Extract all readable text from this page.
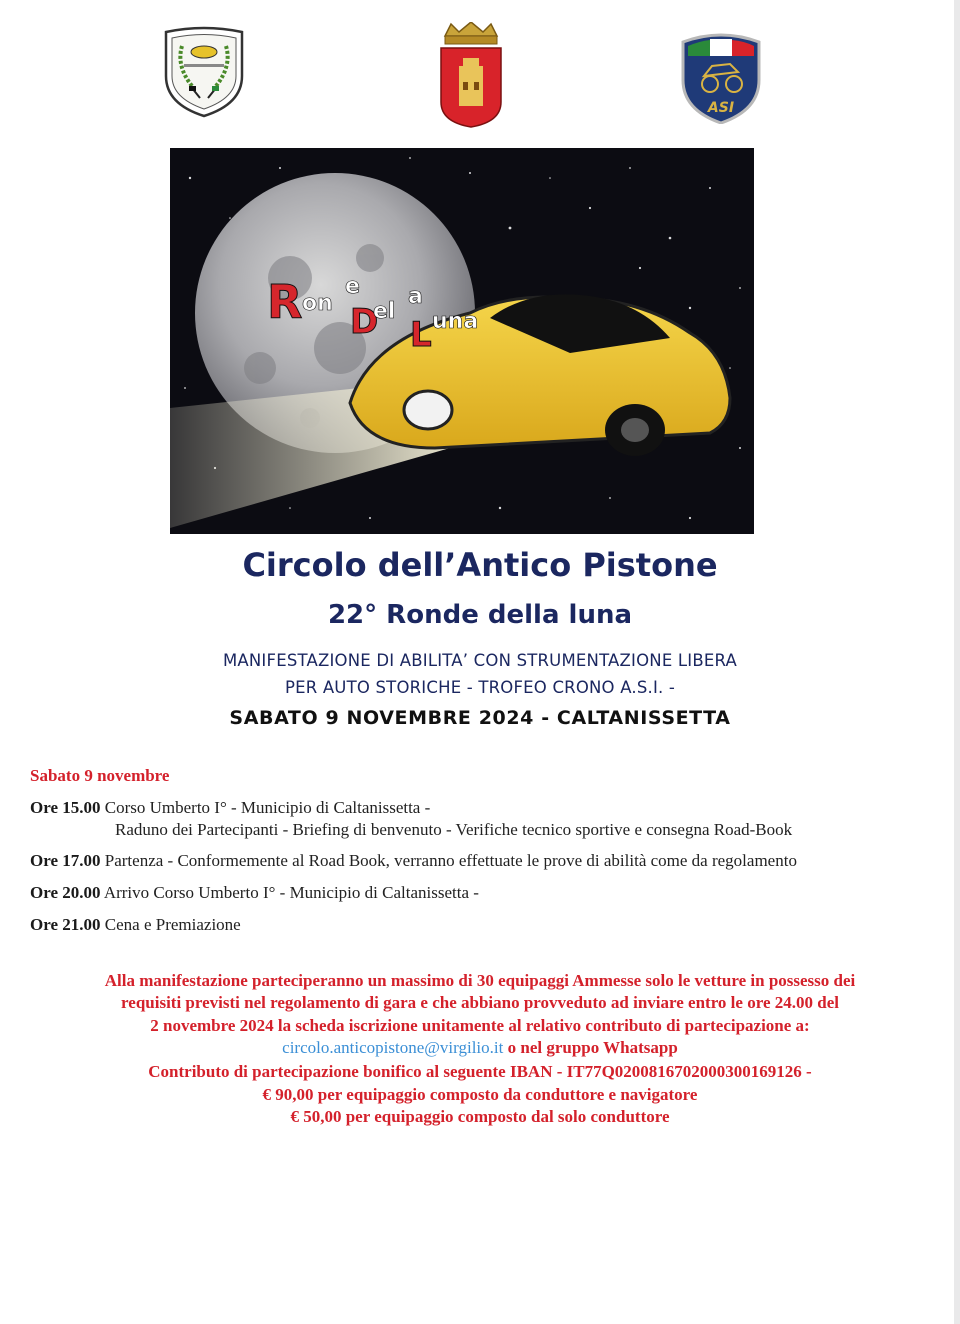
ASI
R on D
e
el
L
a
una
Circolo dell’Antico Pistone
22° Ronde della luna
MANIFESTAZIONE DI ABILITA’ CON STRUMENTAZIONE LIBERA
PER AUTO STORICHE - TROFEO CRONO A.S.I. -
SABATO 9 NOVEMBRE 2024 - CALTANISSETTA
Sabato 9 novembre
Ore 15.00 Corso Umberto I° - Municipio di Caltanissetta -
Raduno dei Partecipanti - Briefing di benvenuto - Verifiche tecnico sportive e consegna Road-Book
Ore 17.00 Partenza - Conformemente al Road Book, verranno effettuate le prove di abilità come da regolamento
Ore 20.00 Arrivo Corso Umberto I° - Municipio di Caltanissetta -
Ore 21.00 Cena e Premiazione
Alla manifestazione parteciperanno un massimo di 30 equipaggi Ammesse solo le vetture in possesso dei
requisiti previsti nel regolamento di gara e che abbiano provveduto ad inviare entro le ore 24.00 del
2 novembre 2024 la scheda iscrizione unitamente al relativo contributo di partecipazione a:
circolo.anticopistone@virgilio.it o nel gruppo Whatsapp
Contributo di partecipazione bonifico al seguente IBAN - IT77Q0200816702000300169126 -
€ 90,00 per equipaggio composto da conduttore e navigatore
€ 50,00 per equipaggio composto dal solo conduttore
